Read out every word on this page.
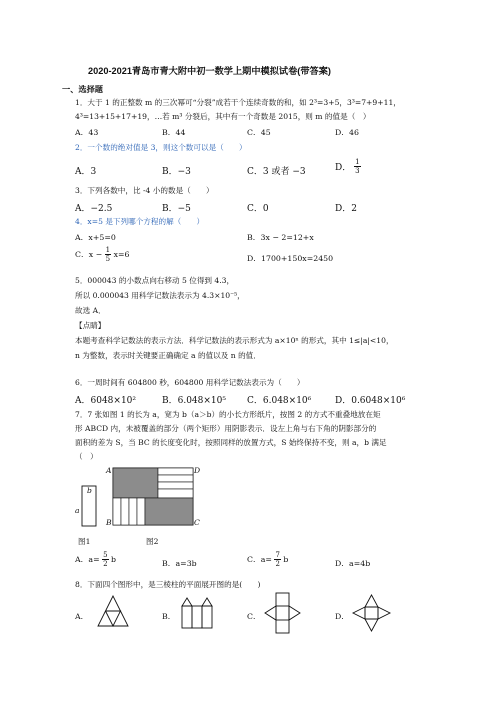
2020-2021青岛市青大附中初一数学上期中模拟试卷(带答案)
一、选择题
1．大于 1 的正整数 m 的三次幂可“分裂”成若干个连续奇数的和，如 2³=3+5，3³=7+9+11，
4³=13+15+17+19，…若 m³ 分裂后，其中有一个奇数是 2015，则 m 的值是（　）
A．43	B．44	C．45	D．46
2．一个数的绝对值是 3，则这个数可以是（　　）
A．3	B．−3	C．3 或者 −3	D． $\frac{1}{3}$
3．下列各数中，比 -4 小的数是（　　）
A．−2.5	B．−5	C．0	D．2
4．x=5 是下列哪个方程的解（　　）
A．x+5=0	B．3x − 2=12+x
C．$x - \frac{1}{5} x=6$	D．1700+150x=2450
5．000043 的小数点向右移动 5 位得到 4.3，
所以 0.000043 用科学记数法表示为 4.3×10⁻⁵，
故选 A．
【点睛】
本题考查科学记数法的表示方法．科学记数法的表示形式为 a×10ⁿ 的形式，其中 1≤|a|<10，
n 为整数，表示时关键要正确确定 a 的值以及 n 的值．
6．一周时间有 604800 秒，604800 用科学记数法表示为（　　）
A．6048×10²	B．6.048×10⁵ C．6.048×10⁶	D．0.6048×10⁶
7．7 张如图 1 的长为 a，宽为 b（a＞b）的小长方形纸片，按图 2 的方式不重叠地放在矩
形 ABCD 内，未被覆盖的部分（两个矩形）用阴影表示．设左上角与右下角的阴影部分的
面积的差为 S，当 BC 的长度变化时，按照同样的放置方式，S 始终保持不变，则 a，b 满足
（　）
b
a
图1
A	D
B	C
图2
A．$a= \frac{5}{2}$ b	B．a=3b	C．$a= \frac{7}{2}$ b	D．a=4b
8．下面四个图形中，是三棱柱的平面展开图的是(　　)
A．	B．	C．	D．
